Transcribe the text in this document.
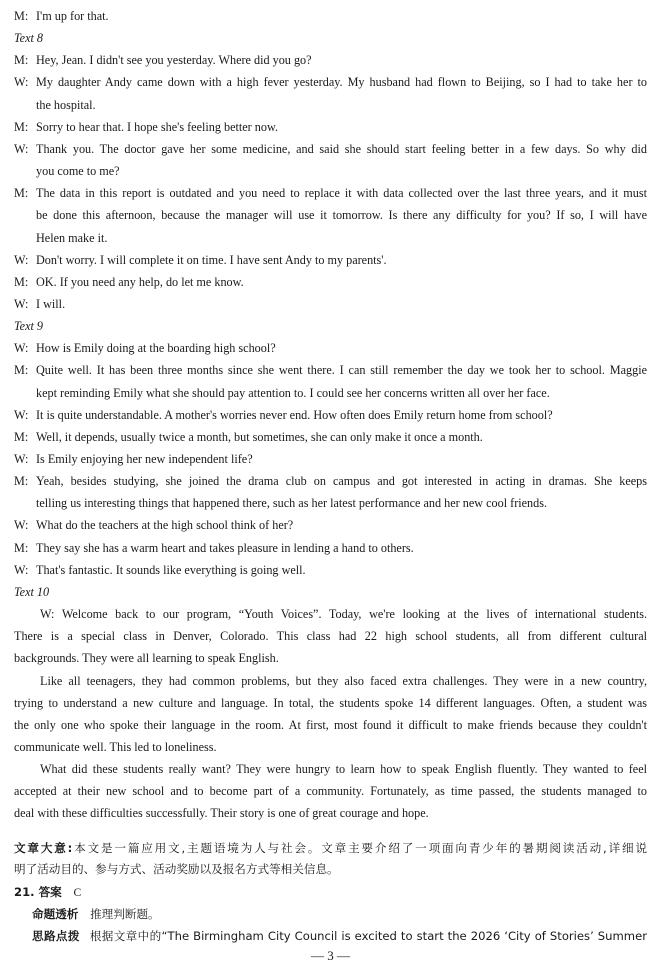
M: I'm up for that.
Text 8
M: Hey, Jean. I didn't see you yesterday. Where did you go?
W: My daughter Andy came down with a high fever yesterday. My husband had flown to Beijing, so I had to take her to
the hospital.
M: Sorry to hear that. I hope she's feeling better now.
W: Thank you. The doctor gave her some medicine, and said she should start feeling better in a few days. So why did
you come to me?
M: The data in this report is outdated and you need to replace it with data collected over the last three years, and it must
be done this afternoon, because the manager will use it tomorrow. Is there any difficulty for you? If so, I will have
Helen make it.
W: Don't worry. I will complete it on time. I have sent Andy to my parents'.
M: OK. If you need any help, do let me know.
W: I will.
Text 9
W: How is Emily doing at the boarding high school?
M: Quite well. It has been three months since she went there. I can still remember the day we took her to school. Maggie
kept reminding Emily what she should pay attention to. I could see her concerns written all over her face.
W: It is quite understandable. A mother's worries never end. How often does Emily return home from school?
M: Well, it depends, usually twice a month, but sometimes, she can only make it once a month.
W: Is Emily enjoying her new independent life?
M: Yeah, besides studying, she joined the drama club on campus and got interested in acting in dramas. She keeps
telling us interesting things that happened there, such as her latest performance and her new cool friends.
W: What do the teachers at the high school think of her?
M: They say she has a warm heart and takes pleasure in lending a hand to others.
W: That's fantastic. It sounds like everything is going well.
Text 10
W: Welcome back to our program, “Youth Voices”. Today, we're looking at the lives of international students.
There is a special class in Denver, Colorado. This class had 22 high school students, all from different cultural
backgrounds. They were all learning to speak English.
Like all teenagers, they had common problems, but they also faced extra challenges. They were in a new country,
trying to understand a new culture and language. In total, the students spoke 14 different languages. Often, a student was
the only one who spoke their language in the room. At first, most found it difficult to make friends because they couldn't
communicate well. This led to loneliness.
What did these students really want? They were hungry to learn how to speak English fluently. They wanted to feel
accepted at their new school and to become part of a community. Fortunately, as time passed, the students managed to
deal with these difficulties successfully. Their story is one of great courage and hope.
文章大意:本文是一篇应用文,主题语境为人与社会。文章主要介绍了一项面向青少年的暑期阅读活动,详细说
明了活动目的、参与方式、活动奖励以及报名方式等相关信息。
21. 答案 C
命题透析 推理判断题。
思路点拨 根据文章中的“The Birmingham City Council is excited to start the 2026 ‘City of Stories’ Summer
— 3 —
